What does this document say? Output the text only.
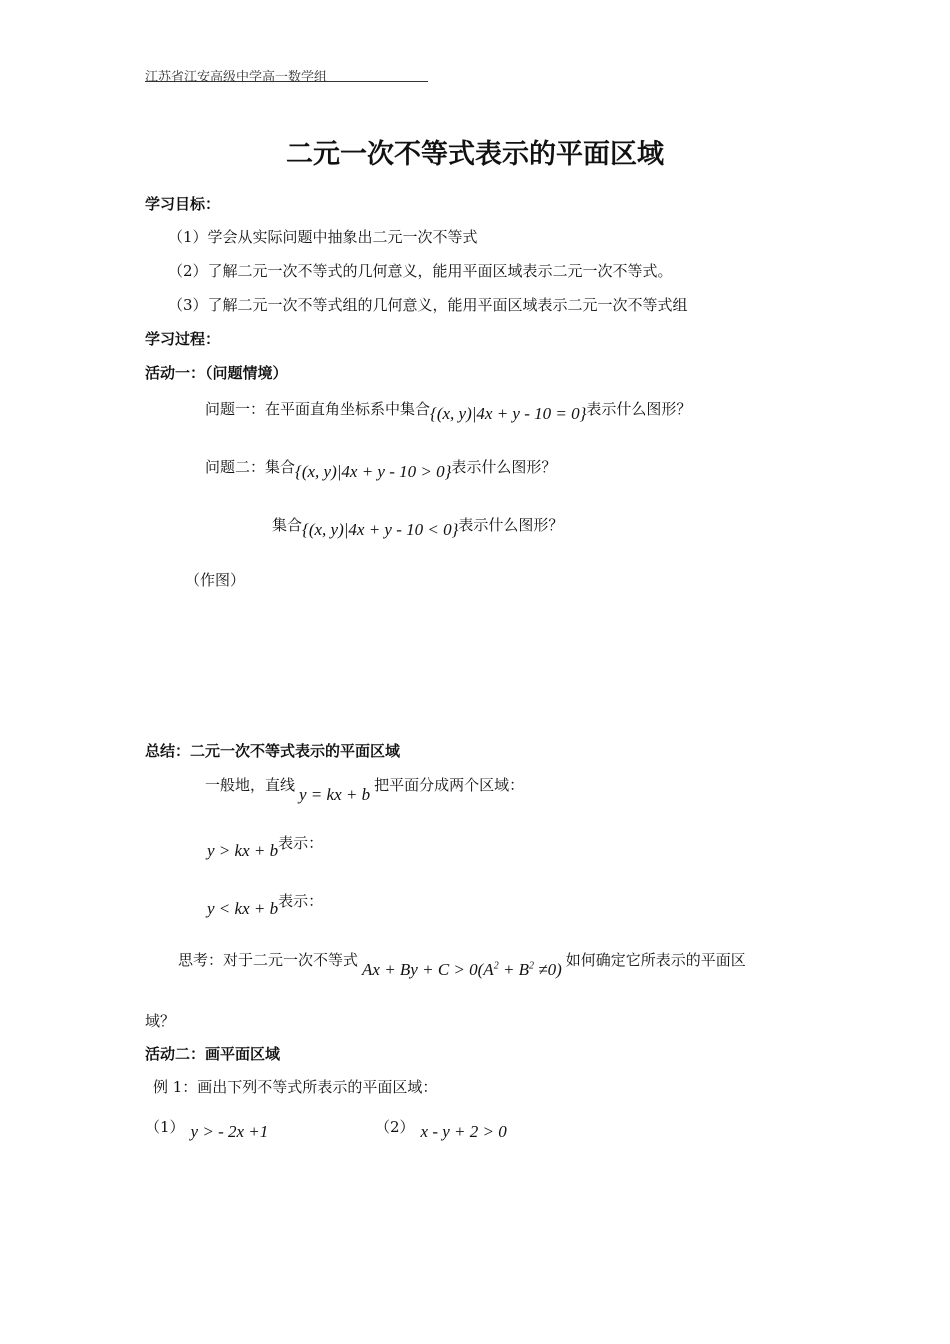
江苏省江安高级中学高一数学组
二元一次不等式表示的平面区域
学习目标：
（1）学会从实际问题中抽象出二元一次不等式
（2）了解二元一次不等式的几何意义，能用平面区域表示二元一次不等式。
（3）了解二元一次不等式组的几何意义，能用平面区域表示二元一次不等式组
学习过程：
活动一：（问题情境）
问题一：在平面直角坐标系中集合{(x, y)|4x + y - 10 = 0}表示什么图形？
问题二：集合{(x, y)|4x + y - 10 > 0}表示什么图形？
集合{(x, y)|4x + y - 10 < 0}表示什么图形？
（作图）
总结：二元一次不等式表示的平面区域
一般地，直线 y = kx + b 把平面分成两个区域：
y > kx + b表示：
y < kx + b表示：
思考：对于二元一次不等式 $Ax + By + C > 0(A^2 + B^2 \ne 0)$ 如何确定它所表示的平面区
域？
活动二：画平面区域
例 1：画出下列不等式所表示的平面区域：
（1） y > - 2x +1	（2） x - y + 2 > 0
